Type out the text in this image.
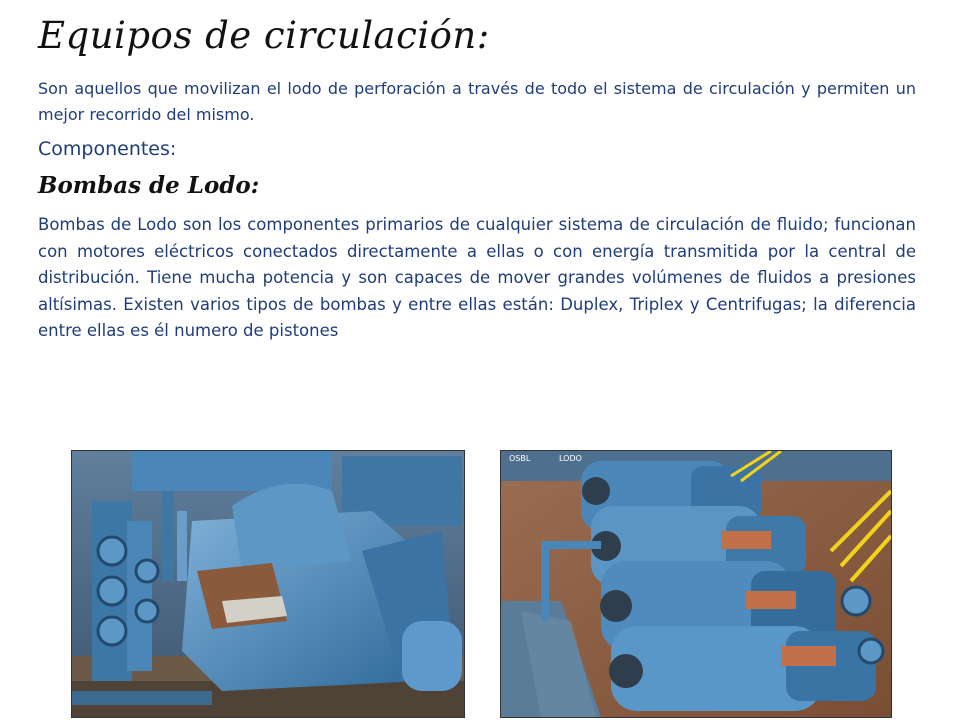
Equipos de circulación:

Son aquellos que movilizan el lodo de perforación a través de todo el sistema de circulación y permiten un mejor recorrido del mismo.

Componentes:

Bombas de Lodo:

Bombas de Lodo son los componentes primarios de cualquier sistema de circulación de fluido; funcionan con motores eléctricos conectados directamente a ellas o con energía transmitida por la central de distribución. Tiene mucha potencia y son capaces de mover grandes volúmenes de fluidos a presiones altísimas. Existen varios tipos de bombas y entre ellas están: Duplex, Triplex y Centrifugas; la diferencia entre ellas es él numero de pistones

OSBL	LODO
